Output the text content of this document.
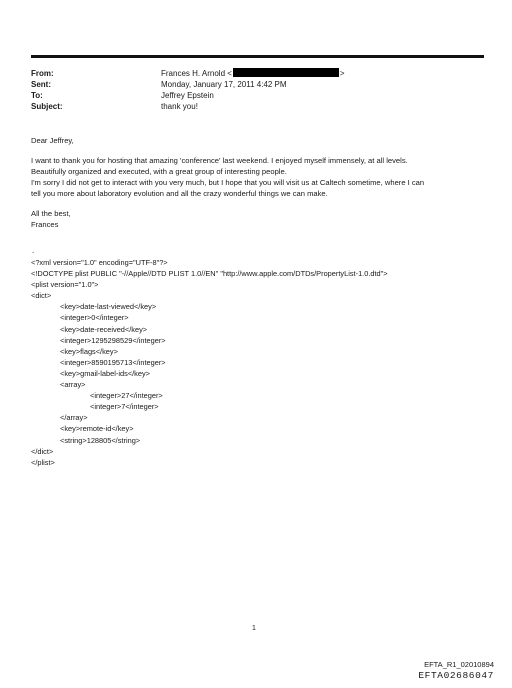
From:	Frances H. Arnold <	>
Sent:	Monday, January 17, 2011 4:42 PM
To:	Jeffrey Epstein
Subject:	thank you!
Dear Jeffrey,
I want to thank you for hosting that amazing 'conference' last weekend. I enjoyed myself immensely, at all levels.
Beautifully organized and executed, with a great group of interesting people.
I'm sorry I did not get to interact with you very much, but I hope that you will visit us at Caltech sometime, where I can
tell you more about laboratory evolution and all the crazy wonderful things we can make.
All the best,
Frances
.
<?xml version="1.0" encoding="UTF-8"?>
<!DOCTYPE plist PUBLIC "-//Apple//DTD PLIST 1.0//EN" "http://www.apple.com/DTDs/PropertyList-1.0.dtd">
<plist version="1.0">
<dict>
<key>date-last-viewed</key>
<integer>0</integer>
<key>date-received</key>
<integer>1295298529</integer>
<key>flags</key>
<integer>8590195713</integer>
<key>gmail-label-ids</key>
<array>
<integer>27</integer>
<integer>7</integer>
</array>
<key>remote-id</key>
<string>128805</string>
</dict>
</plist>
1
EFTA_R1_02010894
EFTA02686047
